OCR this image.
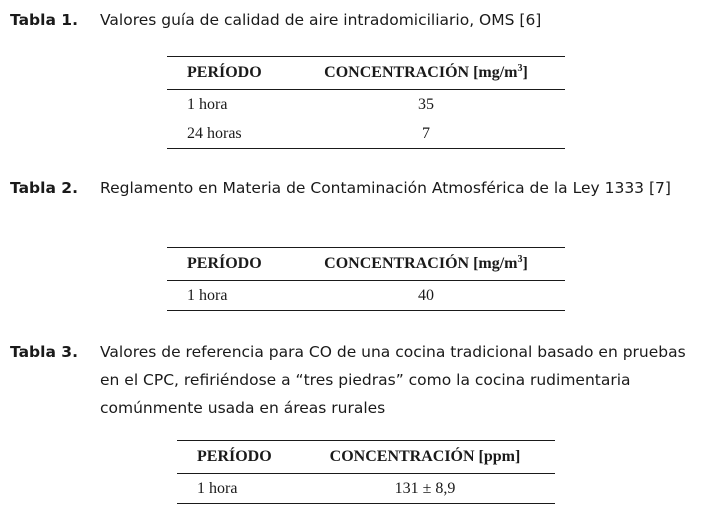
Tabla 1. Valores guía de calidad de aire intradomiciliario, OMS [6]
PERÍODO	CONCENTRACIÓN $[mg/m^3]$
1 hora	35
24 horas	7
Tabla 2. Reglamento en Materia de Contaminación Atmosférica de la Ley 1333 [7]
PERÍODO	CONCENTRACIÓN $[mg/m^3]$
1 hora	40
Tabla 3. Valores de referencia para CO de una cocina tradicional basado en pruebas en el CPC, refiriéndose a “tres piedras” como la cocina rudimentaria comúnmente usada en áreas rurales
PERÍODO	CONCENTRACIÓN [ppm]
1 hora	131 ± 8,9
